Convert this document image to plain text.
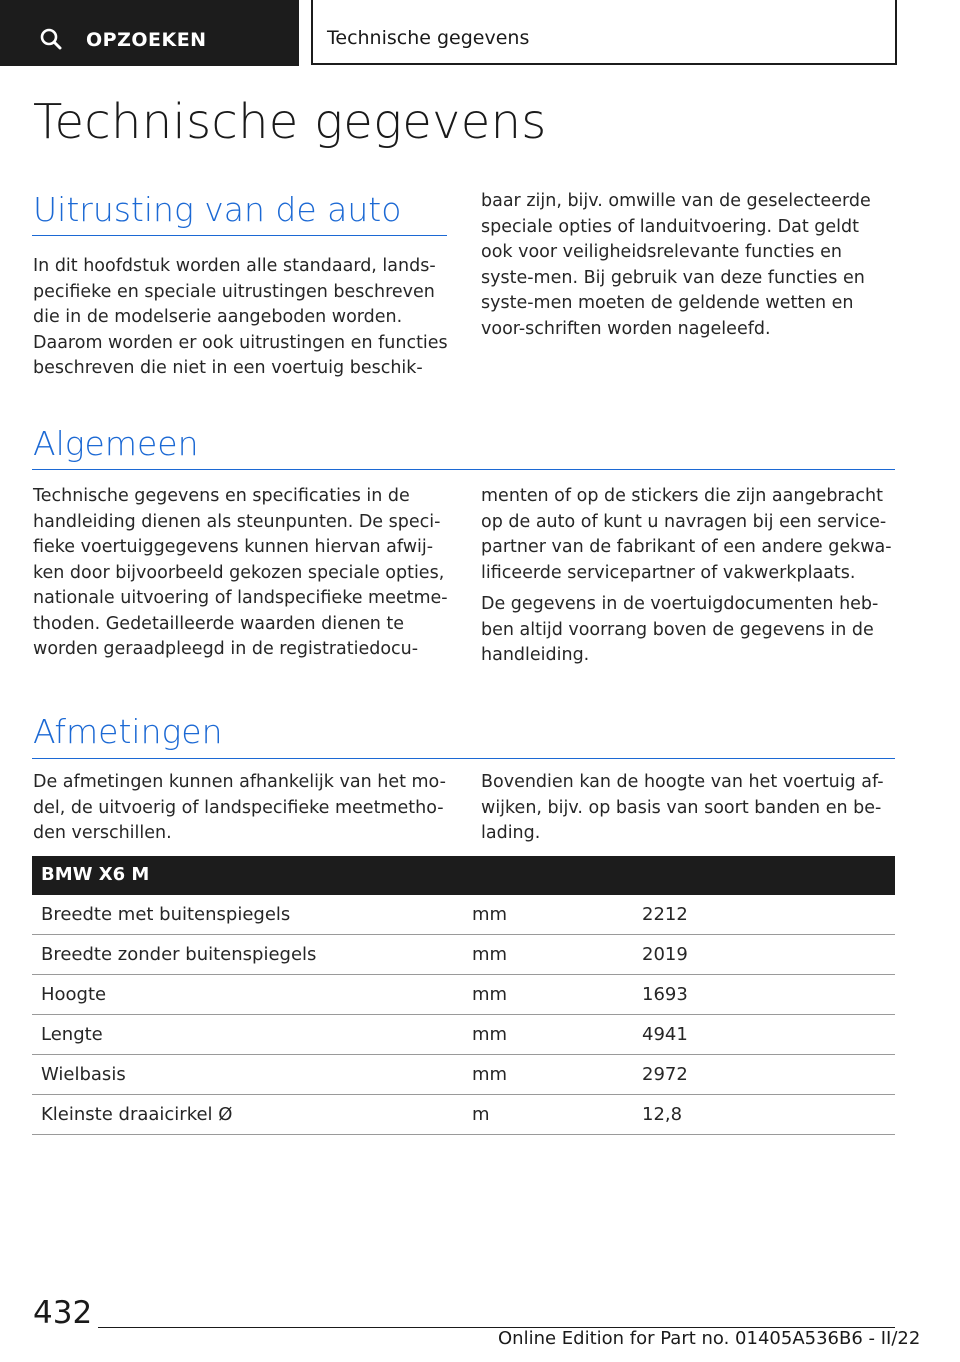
OPZOEKEN	Technische gegevens
Technische gegevens
Uitrusting van de auto
In dit hoofdstuk worden alle standaard, landspecifieke en speciale uitrustingen beschreven die in de modelserie aangeboden worden. Daarom worden er ook uitrustingen en functies beschreven die niet in een voertuig beschik-
baar zijn, bijv. omwille van de geselecteerde speciale opties of landuitvoering. Dat geldt ook voor veiligheidsrelevante functies en syste-men. Bij gebruik van deze functies en syste-men moeten de geldende wetten en voor-schriften worden nageleefd.
Algemeen
Technische gegevens en specificaties in de handleiding dienen als steunpunten. De speci-fieke voertuiggegevens kunnen hiervan afwij-ken door bijvoorbeeld gekozen speciale opties, nationale uitvoering of landspecifieke meetme-thoden. Gedetailleerde waarden dienen te worden geraadpleegd in de registratiedocu-
menten of op de stickers die zijn aangebracht op de auto of kunt u navragen bij een service-partner van de fabrikant of een andere gekwa-lificeerde servicepartner of vakwerkplaats.
De gegevens in de voertuigdocumenten heb-ben altijd voorrang boven de gegevens in de handleiding.
Afmetingen
De afmetingen kunnen afhankelijk van het mo-del, de uitvoerig of landspecifieke meetmetho-den verschillen.
Bovendien kan de hoogte van het voertuig af-wijken, bijv. op basis van soort banden en be-lading.
BMW X6 M
Breedte met buitenspiegels	mm	2212
Breedte zonder buitenspiegels	mm	2019
Hoogte	mm	1693
Lengte	mm	4941
Wielbasis	mm	2972
Kleinste draaicirkel Ø	m	12,8
432
Online Edition for Part no. 01405A536B6 - II/22
